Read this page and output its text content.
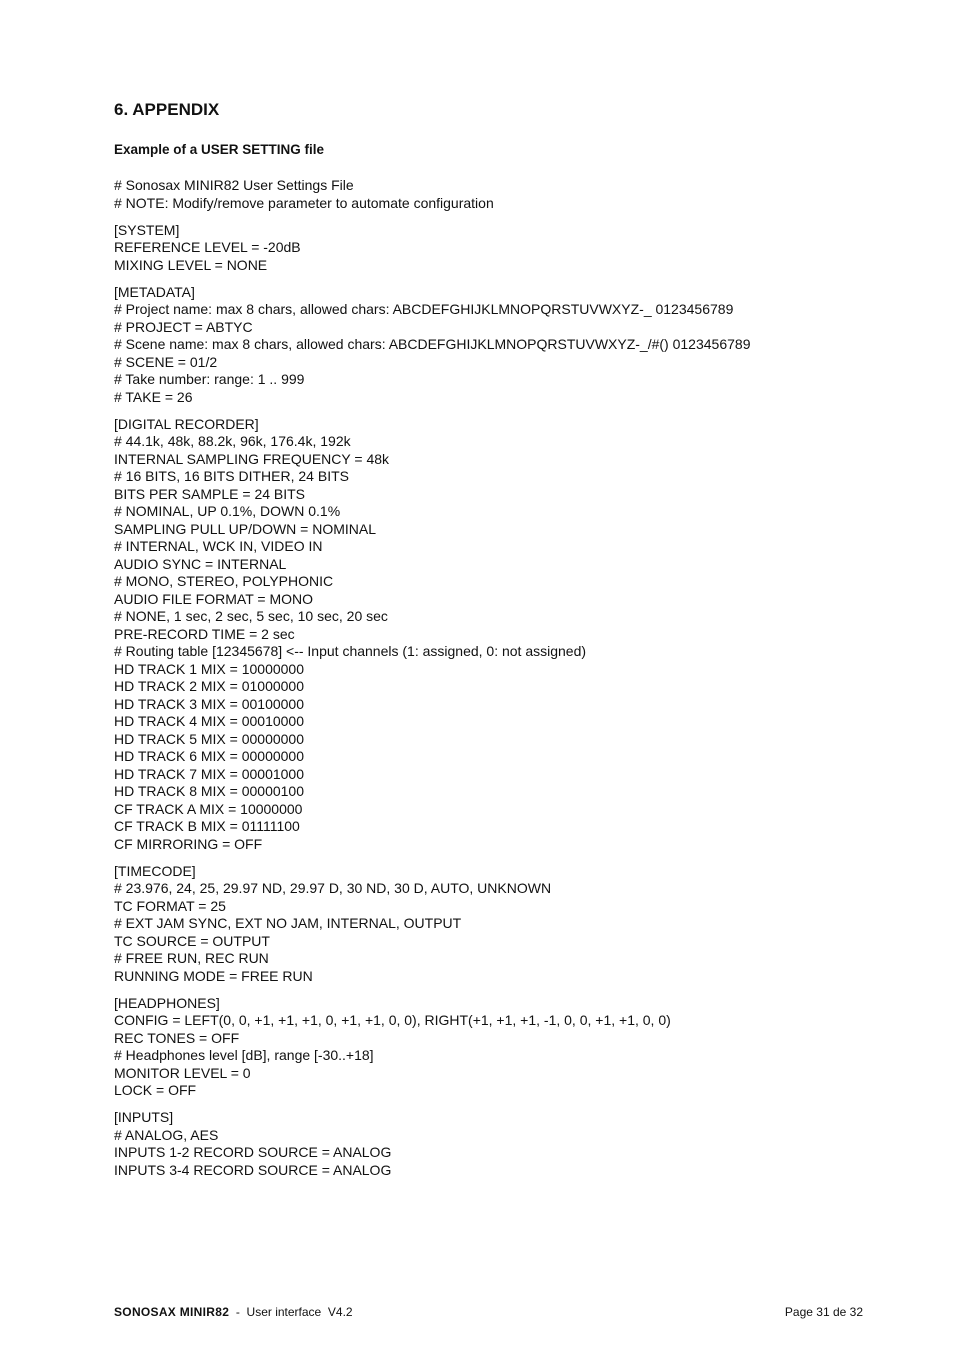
6. APPENDIX
Example of a USER SETTING file
# Sonosax MINIR82 User Settings File
# NOTE: Modify/remove parameter to automate configuration
[SYSTEM]
REFERENCE LEVEL = -20dB
MIXING LEVEL = NONE
[METADATA]
# Project name: max 8 chars, allowed chars: ABCDEFGHIJKLMNOPQRSTUVWXYZ-_ 0123456789
# PROJECT = ABTYC
# Scene name: max 8 chars, allowed chars: ABCDEFGHIJKLMNOPQRSTUVWXYZ-_/#() 0123456789
# SCENE = 01/2
# Take number: range: 1 .. 999
# TAKE = 26
[DIGITAL RECORDER]
# 44.1k, 48k, 88.2k, 96k, 176.4k, 192k
INTERNAL SAMPLING FREQUENCY = 48k
# 16 BITS, 16 BITS DITHER, 24 BITS
BITS PER SAMPLE = 24 BITS
# NOMINAL, UP 0.1%, DOWN 0.1%
SAMPLING PULL UP/DOWN = NOMINAL
# INTERNAL, WCK IN, VIDEO IN
AUDIO SYNC = INTERNAL
# MONO, STEREO, POLYPHONIC
AUDIO FILE FORMAT = MONO
# NONE, 1 sec, 2 sec, 5 sec, 10 sec, 20 sec
PRE-RECORD TIME = 2 sec
# Routing table [12345678] <-- Input channels (1: assigned, 0: not assigned)
HD TRACK 1 MIX = 10000000
HD TRACK 2 MIX = 01000000
HD TRACK 3 MIX = 00100000
HD TRACK 4 MIX = 00010000
HD TRACK 5 MIX = 00000000
HD TRACK 6 MIX = 00000000
HD TRACK 7 MIX = 00001000
HD TRACK 8 MIX = 00000100
CF TRACK A MIX = 10000000
CF TRACK B MIX = 01111100
CF MIRRORING = OFF
[TIMECODE]
# 23.976, 24, 25, 29.97 ND, 29.97 D, 30 ND, 30 D, AUTO, UNKNOWN
TC FORMAT = 25
# EXT JAM SYNC, EXT NO JAM, INTERNAL, OUTPUT
TC SOURCE = OUTPUT
# FREE RUN, REC RUN
RUNNING MODE = FREE RUN
[HEADPHONES]
CONFIG = LEFT(0, 0, +1, +1, +1, 0, +1, +1, 0, 0), RIGHT(+1, +1, +1, -1, 0, 0, +1, +1, 0, 0)
REC TONES = OFF
# Headphones level [dB], range [-30..+18]
MONITOR LEVEL = 0
LOCK = OFF
[INPUTS]
# ANALOG, AES
INPUTS 1-2 RECORD SOURCE = ANALOG
INPUTS 3-4 RECORD SOURCE = ANALOG
SONOSAX MINIR82  -  User interface  V4.2	Page 31 de 32
